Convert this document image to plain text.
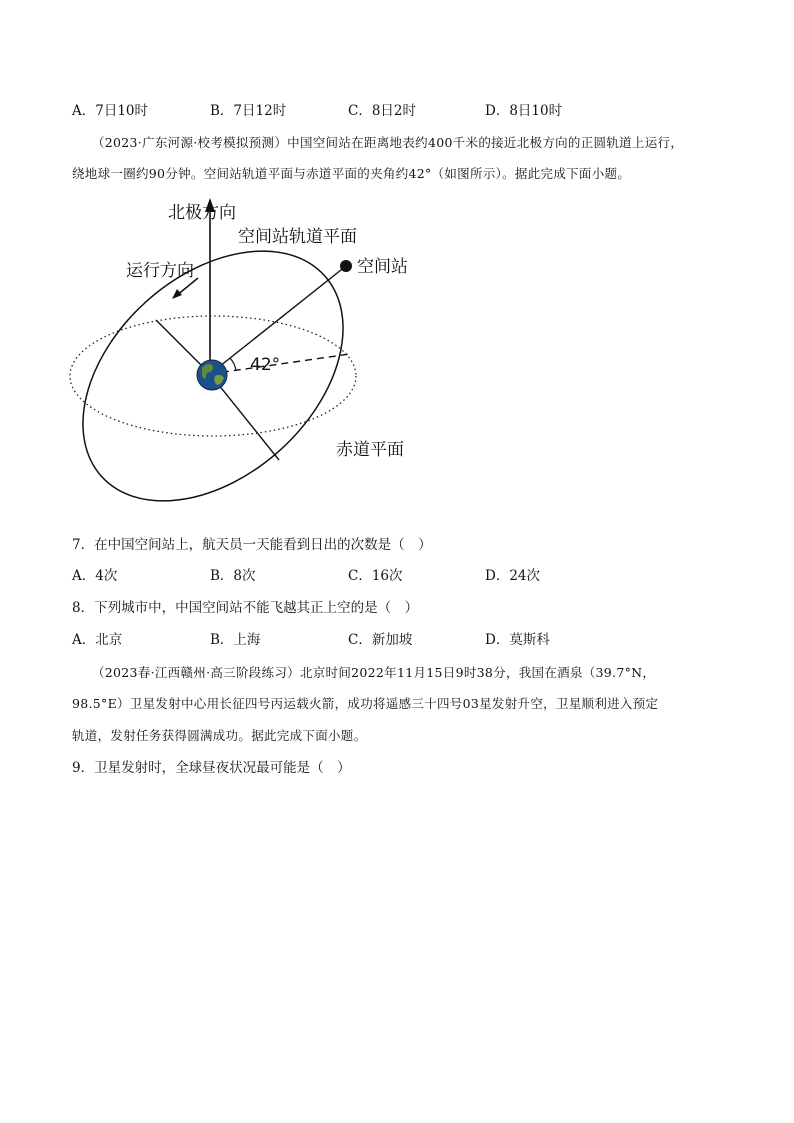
A．7日10时	B．7日12时	C．8日2时	D．8日10时
（2023·广东河源·校考模拟预测）中国空间站在距离地表约400千米的接近北极方向的正圆轨道上运行，
绕地球一圈约90分钟。空间站轨道平面与赤道平面的夹角约42°（如图所示）。据此完成下面小题。
北极方向
空间站轨道平面
运行方向	空间站
42°
赤道平面
7．在中国空间站上，航天员一天能看到日出的次数是（　）
A．4次	B．8次	C．16次	D．24次
8．下列城市中，中国空间站不能飞越其正上空的是（　）
A．北京	B．上海	C．新加坡	D．莫斯科
（2023春·江西赣州·高三阶段练习）北京时间2022年11月15日9时38分，我国在酒泉（39.7°N，
98.5°E）卫星发射中心用长征四号丙运载火箭，成功将遥感三十四号03星发射升空，卫星顺利进入预定
轨道，发射任务获得圆满成功。据此完成下面小题。
9．卫星发射时，全球昼夜状况最可能是（　）
